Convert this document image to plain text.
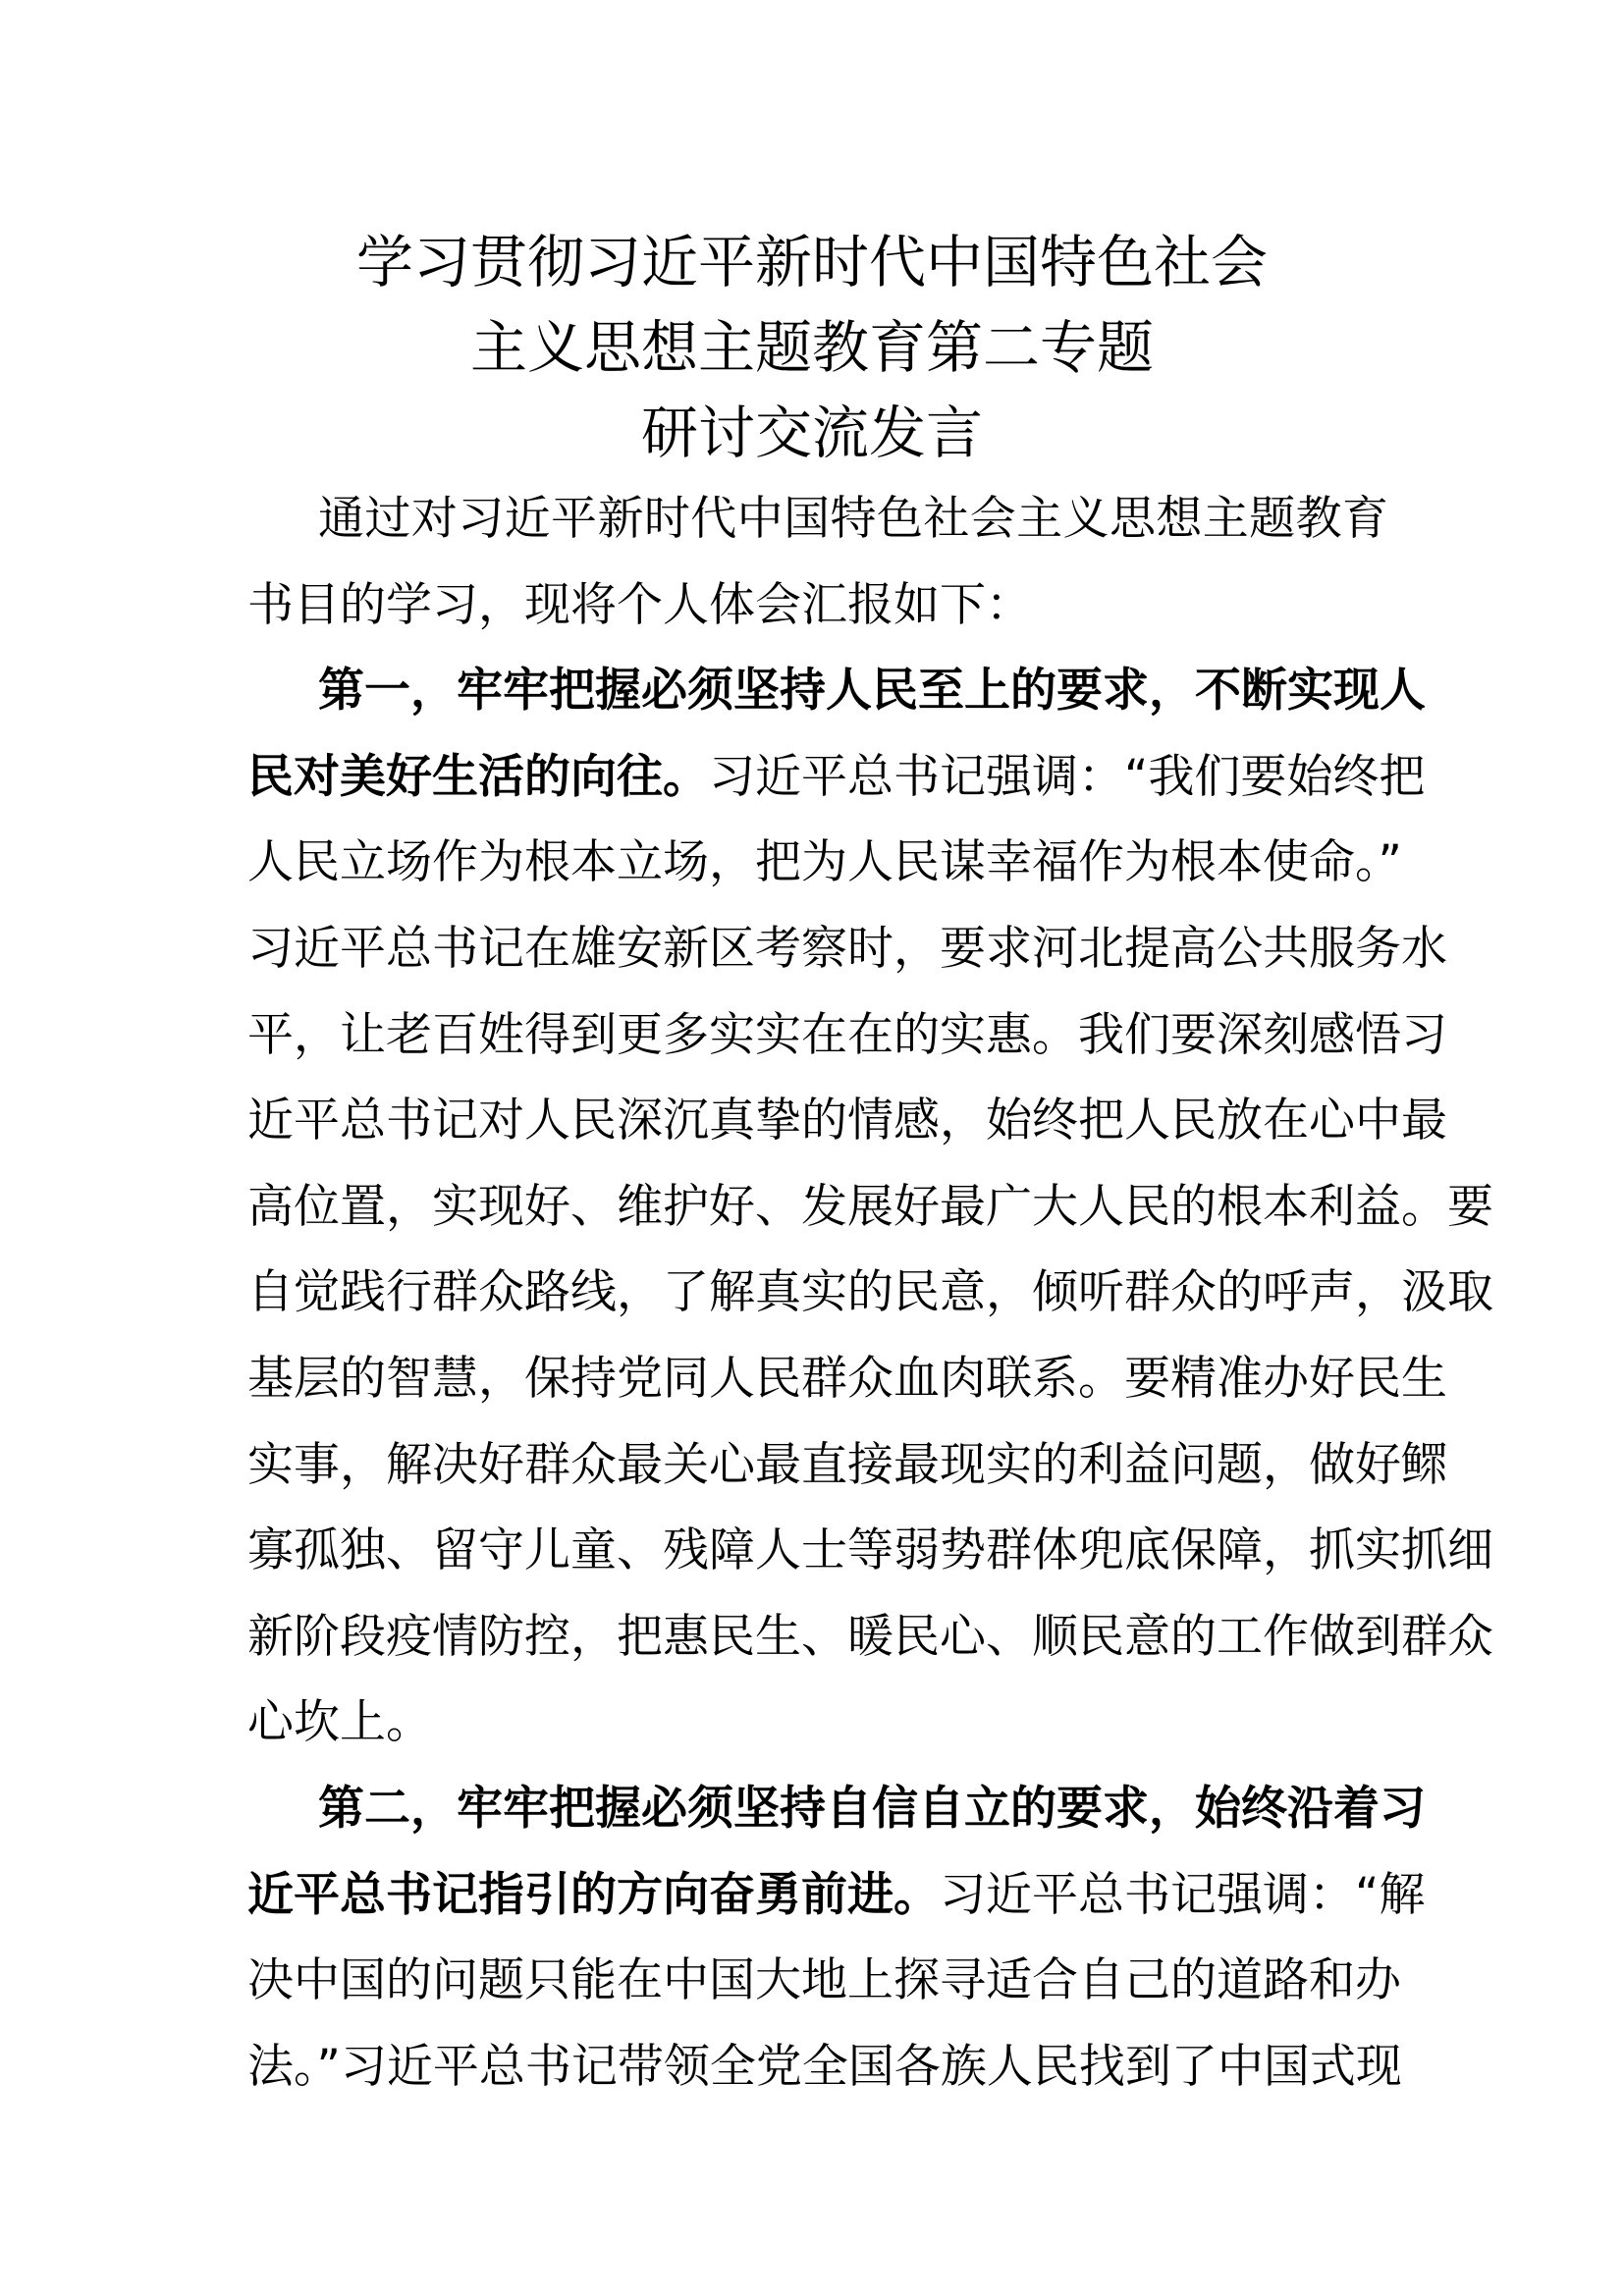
学习贯彻习近平新时代中国特色社会
主义思想主题教育第二专题
研讨交流发言
通过对习近平新时代中国特色社会主义思想主题教育
书目的学习，现将个人体会汇报如下：
第一，牢牢把握必须坚持人民至上的要求，不断实现人
民对美好生活的向往。习近平总书记强调：“我们要始终把
人民立场作为根本立场，把为人民谋幸福作为根本使命。”
习近平总书记在雄安新区考察时，要求河北提高公共服务水
平，让老百姓得到更多实实在在的实惠。我们要深刻感悟习
近平总书记对人民深沉真挚的情感，始终把人民放在心中最
高位置，实现好、维护好、发展好最广大人民的根本利益。要
自觉践行群众路线，了解真实的民意，倾听群众的呼声，汲取
基层的智慧，保持党同人民群众血肉联系。要精准办好民生
实事，解决好群众最关心最直接最现实的利益问题，做好鳏
寡孤独、留守儿童、残障人士等弱势群体兜底保障，抓实抓细
新阶段疫情防控，把惠民生、暖民心、顺民意的工作做到群众
心坎上。
第二，牢牢把握必须坚持自信自立的要求，始终沿着习
近平总书记指引的方向奋勇前进。习近平总书记强调：“解
决中国的问题只能在中国大地上探寻适合自己的道路和办
法。”习近平总书记带领全党全国各族人民找到了中国式现
